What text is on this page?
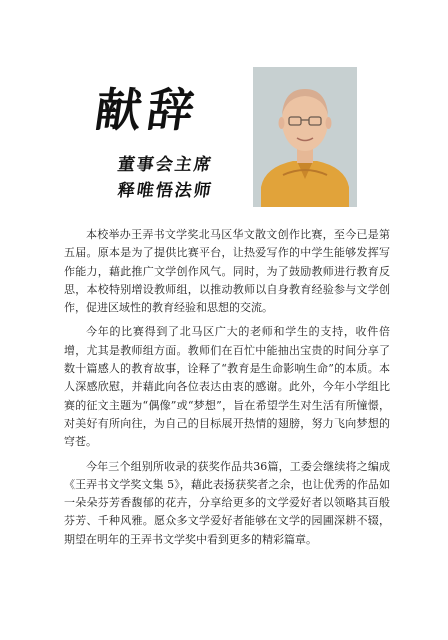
献辞
董事会主席
释唯悟法师

本校举办王弄书文学奖北马区华文散文创作比赛，至今已是第五届。原本是为了提供比赛平台，让热爱写作的中学生能够发挥写作能力，藉此推广文学创作风气。同时，为了鼓励教师进行教育反思，本校特别增设教师组，以推动教师以自身教育经验参与文学创作，促进区域性的教育经验和思想的交流。

今年的比赛得到了北马区广大的老师和学生的支持，收件倍增，尤其是教师组方面。教师们在百忙中能抽出宝贵的时间分享了数十篇感人的教育故事，诠释了“教育是生命影响生命”的本质。本人深感欣慰，并藉此向各位表达由衷的感谢。此外，今年小学组比赛的征文主题为“偶像”或“梦想”，旨在希望学生对生活有所憧憬，对美好有所向往，为自己的目标展开热情的翅膀，努力飞向梦想的穹苍。

今年三个组别所收录的获奖作品共36篇，工委会继续将之编成《王弄书文学奖文集 5》，藉此表扬获奖者之余，也让优秀的作品如一朵朵芬芳香馥郁的花卉，分享给更多的文学爱好者以领略其百般芬芳、千种风雅。愿众多文学爱好者能够在文学的园圃深耕不辍，期望在明年的王弄书文学奖中看到更多的精彩篇章。
